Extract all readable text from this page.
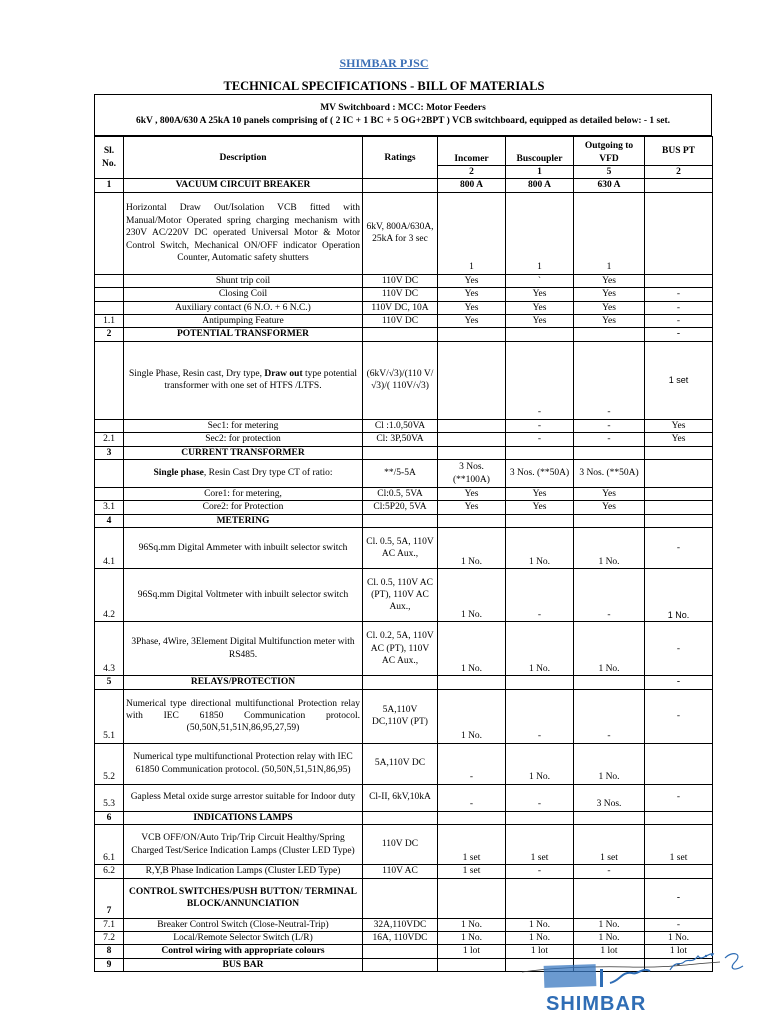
SHIMBAR PJSC
TECHNICAL SPECIFICATIONS - BILL OF MATERIALS
MV Switchboard : MCC: Motor Feeders
6kV , 800A/630 A 25kA 10 panels comprising of ( 2 IC + 1 BC + 5 OG+2BPT ) VCB switchboard, equipped as detailed below: - 1 set.
Sl. No.	Description	Ratings	Incomer	Buscoupler	Outgoing to VFD	BUS PT
			2	1	5	2
1	VACUUM CIRCUIT BREAKER		800 A	800 A	630 A	
	Horizontal Draw Out/Isolation VCB fitted with Manual/Motor Operated spring charging mechanism with 230V AC/220V DC operated Universal Motor & Motor Control Switch, Mechanical ON/OFF indicator Operation Counter, Automatic safety shutters	6kV, 800A/630A, 25kA for 3 sec	1	1	1	
	Shunt trip coil	110V DC	Yes	`	Yes	
	Closing Coil	110V DC	Yes	Yes	Yes	-
	Auxiliary contact (6 N.O. + 6 N.C.)	110V DC, 10A	Yes	Yes	Yes	-
1.1	Antipumping Feature	110V DC	Yes	Yes	Yes	-
2	POTENTIAL TRANSFORMER					-
	Single Phase, Resin cast, Dry type, Draw out type potential transformer with one set of HTFS /LTFS.	(6kV/√3)/(110 V/√3)/( 110V/√3)		-	-	1 set
	Sec1: for metering	Cl :1.0,50VA		-	-	Yes
2.1	Sec2: for protection	Cl: 3P,50VA		-	-	Yes
3	CURRENT TRANSFORMER					
	Single phase, Resin Cast Dry type CT of ratio:	**/5-5A	3 Nos. (**100A)	3 Nos. (**50A)	3 Nos. (**50A)	
	Core1: for metering,	Cl:0.5, 5VA	Yes	Yes	Yes	
3.1	Core2: for Protection	Cl:5P20, 5VA	Yes	Yes	Yes	
4	METERING					
4.1	96Sq.mm Digital Ammeter with inbuilt selector switch	Cl. 0.5, 5A, 110V AC Aux.,	1 No.	1 No.	1 No.	-
4.2	96Sq.mm Digital Voltmeter with inbuilt selector switch	Cl. 0.5, 110V AC (PT), 110V AC Aux.,	1 No.	-	-	1 No.
4.3	3Phase, 4Wire, 3Element Digital Multifunction meter with RS485.	Cl. 0.2, 5A, 110V AC (PT), 110V AC Aux.,	1 No.	1 No.	1 No.	-
5	RELAYS/PROTECTION					-
5.1	Numerical type directional multifunctional Protection relay with IEC 61850 Communication protocol. (50,50N,51,51N,86,95,27,59)	5A,110V DC,110V (PT)	1 No.	-	-	-
5.2	Numerical type multifunctional Protection relay with IEC 61850 Communication protocol. (50,50N,51,51N,86,95)	5A,110V DC	-	1 No.	1 No.	
5.3	Gapless Metal oxide surge arrestor suitable for Indoor duty	Cl-II, 6kV,10kA	-	-	3 Nos.	-
6	INDICATIONS LAMPS					
6.1	VCB OFF/ON/Auto Trip/Trip Circuit Healthy/Spring Charged Test/Serice Indication Lamps (Cluster LED Type)	110V DC	1 set	1 set	1 set	1 set
6.2	R,Y,B Phase Indication Lamps (Cluster LED Type)	110V AC	1 set	-	-	
7	CONTROL SWITCHES/PUSH BUTTON/ TERMINAL BLOCK/ANNUNCIATION					-
7.1	Breaker Control Switch (Close-Neutral-Trip)	32A,110VDC	1 No.	1 No.	1 No.	-
7.2	Local/Remote Selector Switch (L/R)	16A, 110VDC	1 No.	1 No.	1 No.	1 No.
8	Control wiring with appropriate colours		1 lot	1 lot	1 lot	1 lot
9	BUS BAR					-
SHIMBAR
